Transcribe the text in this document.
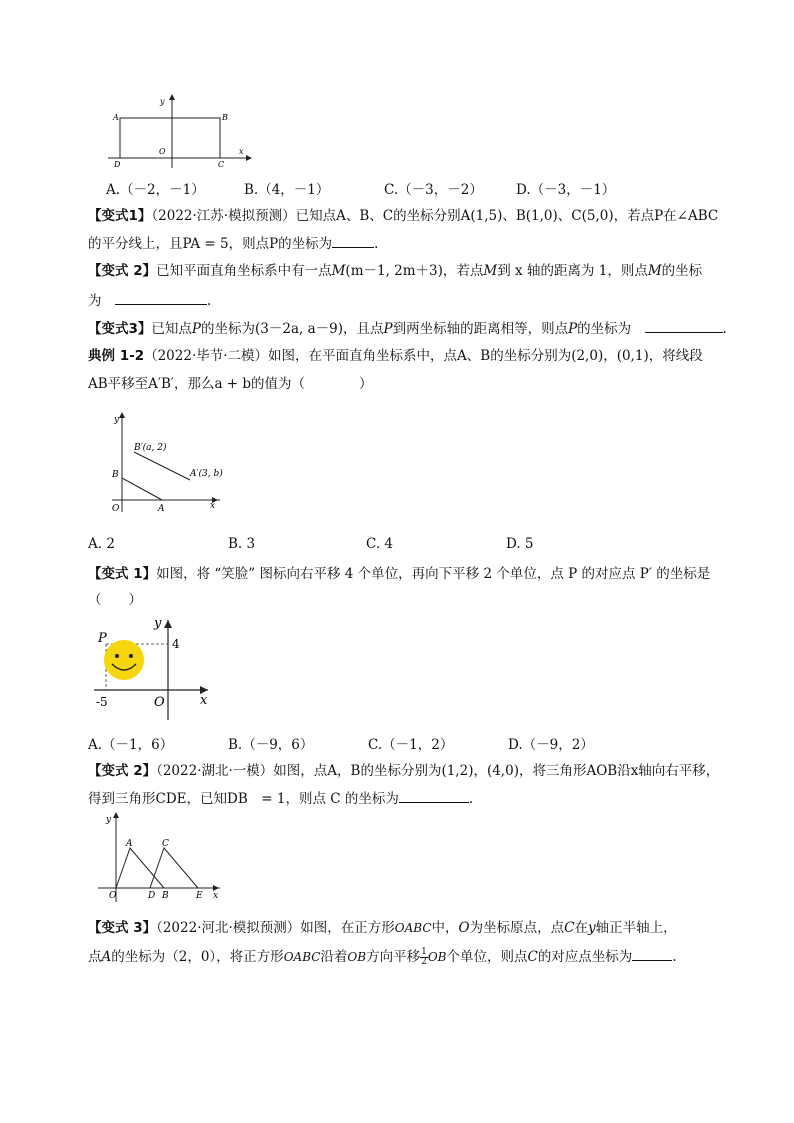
y
x
A	B
D	C
O
A.（－2，－1）	B.（4，－1）	C.（－3，－2） D.（－3，－1）
【变式1】（2022·江苏·模拟预测）已知点A、B、C的坐标分别A(1,5)、B(1,0)、C(5,0)，若点P在∠ABC
的平分线上，且PA = 5，则点P的坐标为	.
【变式 2】已知平面直角坐标系中有一点M(m－1, 2m＋3)，若点M到 x 轴的距离为 1，则点M的坐标
为　	.
【变式3】已知点P的坐标为(3－2a, a－9)，且点P到两坐标轴的距离相等，则点P的坐标为　	.
典例 1-2（2022·毕节·二模）如图，在平面直角坐标系中，点A、B的坐标分别为(2,0)，(0,1)，将线段
AB平移至A′B′，那么a + b的值为（　　　　）
y
x
B′(a, 2)
A′(3, b)
B
A
O
A. 2	B. 3	C. 4	D. 5
【变式 1】如图，将 “笑脸” 图标向右平移 4 个单位，再向下平移 2 个单位，点 P 的对应点 P′ 的坐标是
（　　）
P
y
4
-5	O	x
A.（－1，6）	B.（－9，6）	C.（－1，2）	D.（－9，2）
【变式 2】（2022·湖北·一模）如图，点A，B的坐标分别为(1,2)，(4,0)，将三角形AOB沿x轴向右平移，
得到三角形CDE，已知DB　= 1，则点 C 的坐标为	.
y
A	C
O	D B	E x
【变式 3】（2022·河北·模拟预测）如图，在正方形OABC中，O为坐标原点，点C在y轴正半轴上，
点A的坐标为（2，0），将正方形OABC沿着OB方向平移 $\frac{1}{2}$ OB个单位，则点C的对应点坐标为	.
